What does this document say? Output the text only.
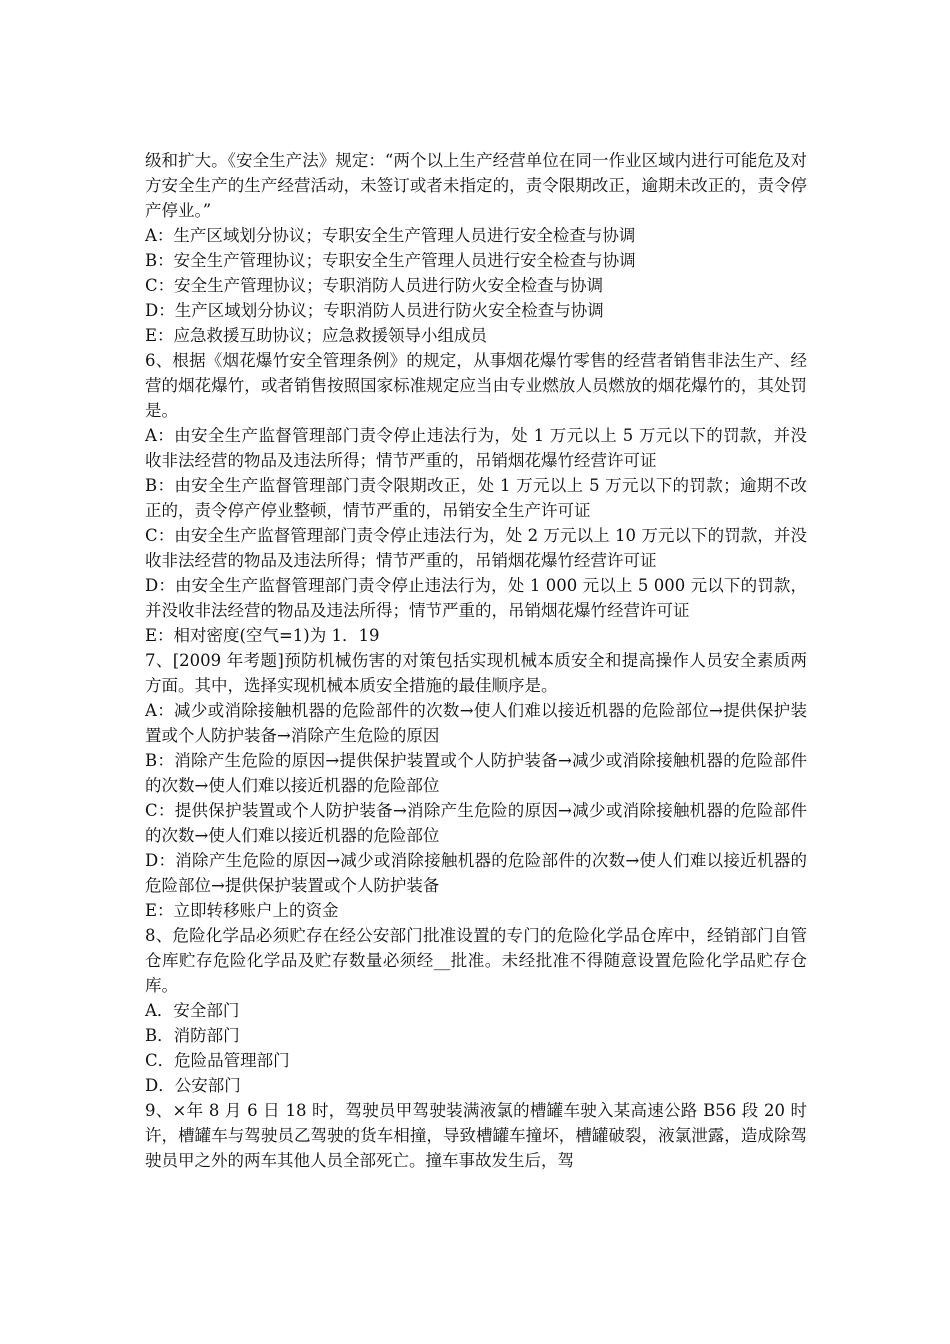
级和扩大。《安全生产法》规定：“两个以上生产经营单位在同一作业区域内进行可能危及对方安全生产的生产经营活动，未签订或者未指定的，责令限期改正，逾期未改正的，责令停产停业。”

A：生产区域划分协议；专职安全生产管理人员进行安全检查与协调

B：安全生产管理协议；专职安全生产管理人员进行安全检查与协调

C：安全生产管理协议；专职消防人员进行防火安全检查与协调

D：生产区域划分协议；专职消防人员进行防火安全检查与协调

E：应急救援互助协议；应急救援领导小组成员

6、根据《烟花爆竹安全管理条例》的规定，从事烟花爆竹零售的经营者销售非法生产、经营的烟花爆竹，或者销售按照国家标准规定应当由专业燃放人员燃放的烟花爆竹的，其处罚是。

A：由安全生产监督管理部门责令停止违法行为，处 1 万元以上 5 万元以下的罚款，并没收非法经营的物品及违法所得；情节严重的，吊销烟花爆竹经营许可证

B：由安全生产监督管理部门责令限期改正，处 1 万元以上 5 万元以下的罚款；逾期不改正的，责令停产停业整顿，情节严重的，吊销安全生产许可证

C：由安全生产监督管理部门责令停止违法行为，处 2 万元以上 10 万元以下的罚款，并没收非法经营的物品及违法所得；情节严重的，吊销烟花爆竹经营许可证

D：由安全生产监督管理部门责令停止违法行为，处 1 000 元以上 5 000 元以下的罚款，并没收非法经营的物品及违法所得；情节严重的，吊销烟花爆竹经营许可证

E：相对密度(空气=1)为 1．19

7、[2009 年考题]预防机械伤害的对策包括实现机械本质安全和提高操作人员安全素质两方面。其中，选择实现机械本质安全措施的最佳顺序是。

A：减少或消除接触机器的危险部件的次数→使人们难以接近机器的危险部位→提供保护装置或个人防护装备→消除产生危险的原因

B：消除产生危险的原因→提供保护装置或个人防护装备→减少或消除接触机器的危险部件的次数→使人们难以接近机器的危险部位

C：提供保护装置或个人防护装备→消除产生危险的原因→减少或消除接触机器的危险部件的次数→使人们难以接近机器的危险部位

D：消除产生危险的原因→减少或消除接触机器的危险部件的次数→使人们难以接近机器的危险部位→提供保护装置或个人防护装备

E：立即转移账户上的资金

8、危险化学品必须贮存在经公安部门批准设置的专门的危险化学品仓库中，经销部门自管仓库贮存危险化学品及贮存数量必须经__批准。未经批准不得随意设置危险化学品贮存仓库。

A．安全部门

B．消防部门

C．危险品管理部门

D．公安部门

9、×年 8 月 6 日 18 时，驾驶员甲驾驶装满液氯的槽罐车驶入某高速公路 B56 段 20 时许，槽罐车与驾驶员乙驾驶的货车相撞，导致槽罐车撞坏，槽罐破裂，液氯泄露，造成除驾驶员甲之外的两车其他人员全部死亡。撞车事故发生后，驾
